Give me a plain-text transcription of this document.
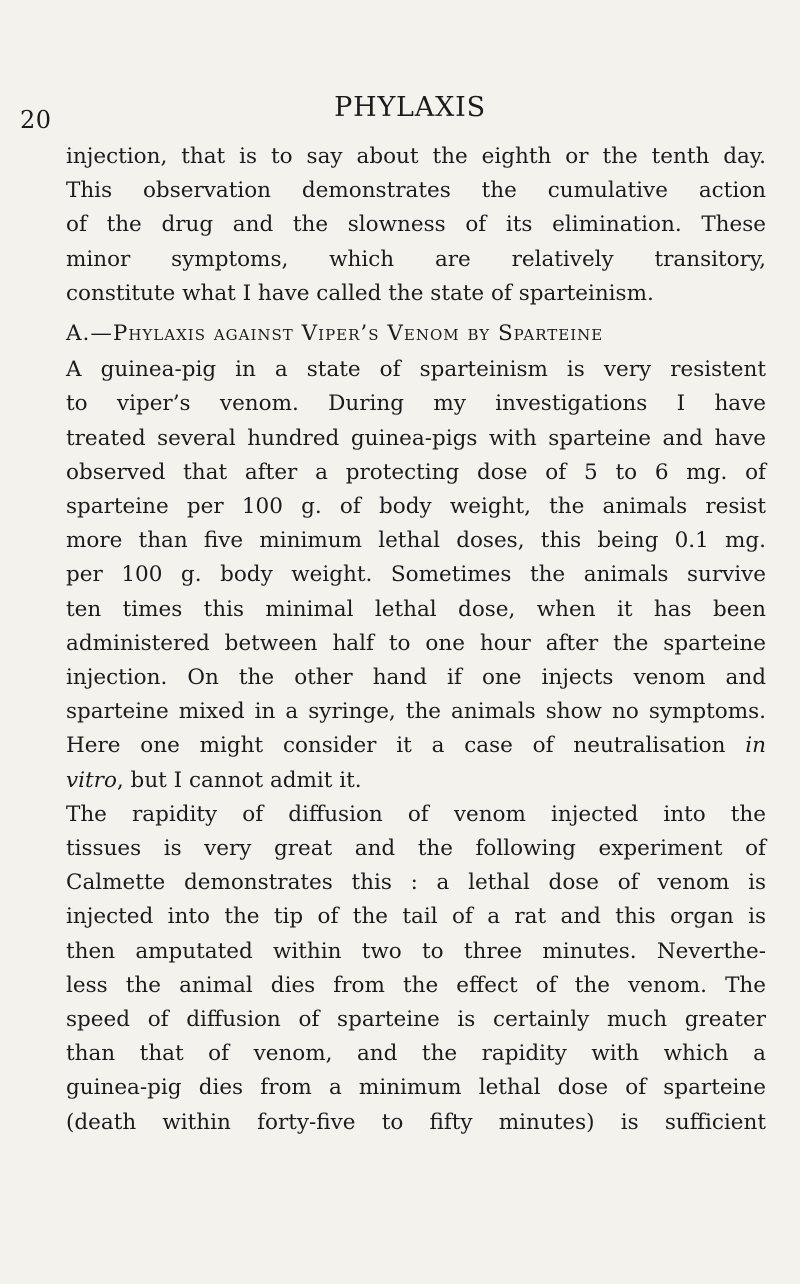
20	PHYLAXIS
injection, that is to say about the eighth or the tenth day.
This observation demonstrates the cumulative action
of the drug and the slowness of its elimination. These
minor symptoms, which are relatively transitory,
constitute what I have called the state of sparteinism.
A.—Phylaxis against Viper’s Venom by Sparteine
A guinea-pig in a state of sparteinism is very resistent
to viper’s venom. During my investigations I have
treated several hundred guinea-pigs with sparteine and have
observed that after a protecting dose of 5 to 6 mg. of
sparteine per 100 g. of body weight, the animals resist
more than five minimum lethal doses, this being 0.1 mg.
per 100 g. body weight. Sometimes the animals survive
ten times this minimal lethal dose, when it has been
administered between half to one hour after the sparteine
injection. On the other hand if one injects venom and
sparteine mixed in a syringe, the animals show no symptoms.
Here one might consider it a case of neutralisation in
vitro, but I cannot admit it.
The rapidity of diffusion of venom injected into the
tissues is very great and the following experiment of
Calmette demonstrates this : a lethal dose of venom is
injected into the tip of the tail of a rat and this organ is
then amputated within two to three minutes. Neverthe-
less the animal dies from the effect of the venom. The
speed of diffusion of sparteine is certainly much greater
than that of venom, and the rapidity with which a
guinea-pig dies from a minimum lethal dose of sparteine
(death within forty-five to fifty minutes) is sufficient
